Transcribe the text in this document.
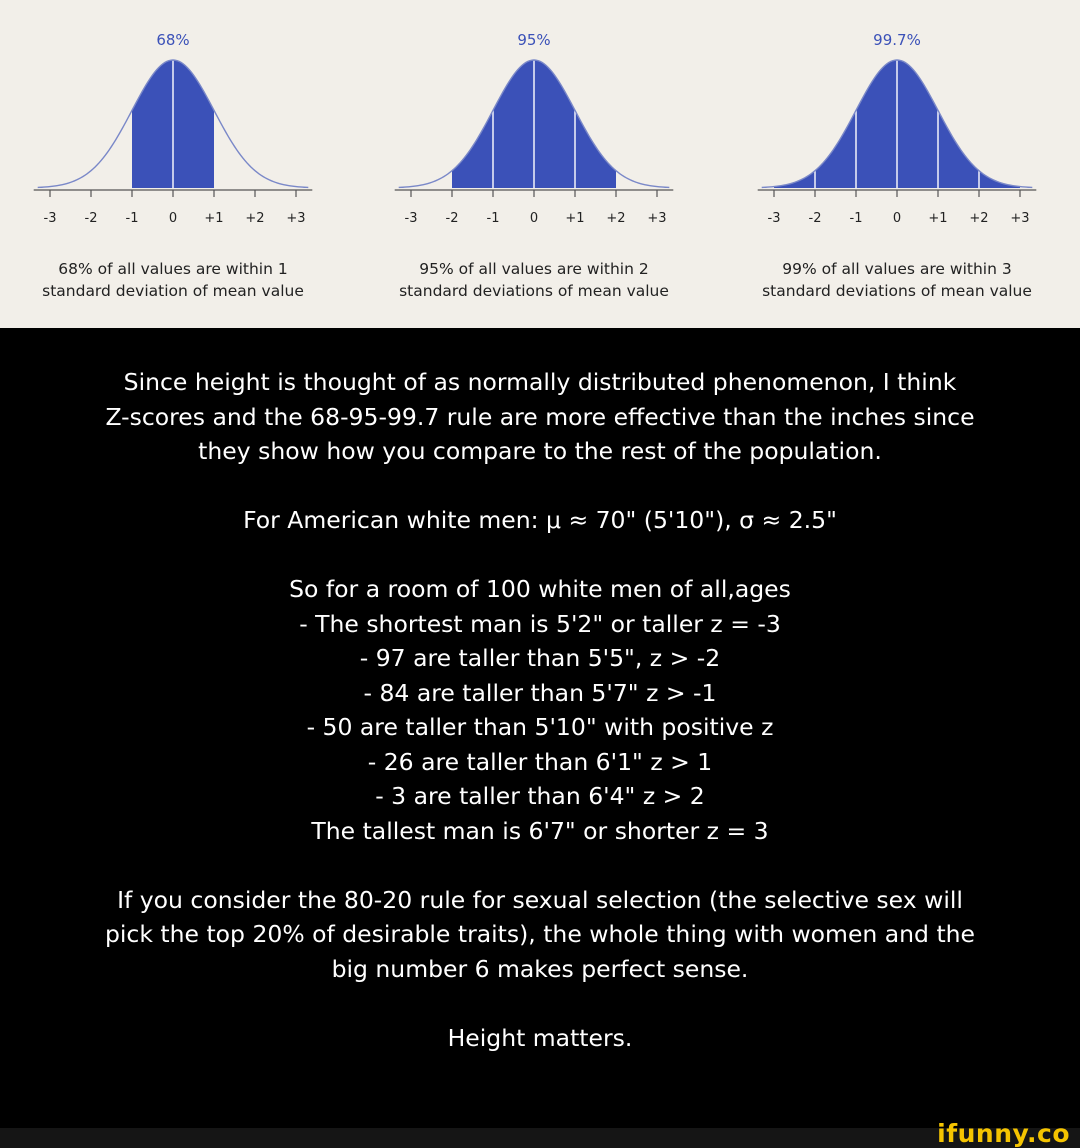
-3 -2 -1 0 +1 +2 +3
68%
68% of all values are within 1
standard deviation of mean value
-3 -2 -1 0 +1 +2 +3
95%
95% of all values are within 2
standard deviations of mean value
-3 -2 -1 0 +1 +2 +3
99.7%
99% of all values are within 3
standard deviations of mean value
Since height is thought of as normally distributed phenomenon, I think
Z-scores and the 68-95-99.7 rule are more effective than the inches since
they show how you compare to the rest of the population.
For American white men: μ ≈ 70" (5'10"), σ ≈ 2.5"
So for a room of 100 white men of all,ages
- The shortest man is 5'2" or taller z = -3
- 97 are taller than 5'5", z > -2
- 84 are taller than 5'7" z > -1
- 50 are taller than 5'10" with positive z
- 26 are taller than 6'1" z > 1
- 3 are taller than 6'4" z > 2
The tallest man is 6'7" or shorter z = 3
If you consider the 80-20 rule for sexual selection (the selective sex will
pick the top 20% of desirable traits), the whole thing with women and the
big number 6 makes perfect sense.
Height matters.
ifunny.co
